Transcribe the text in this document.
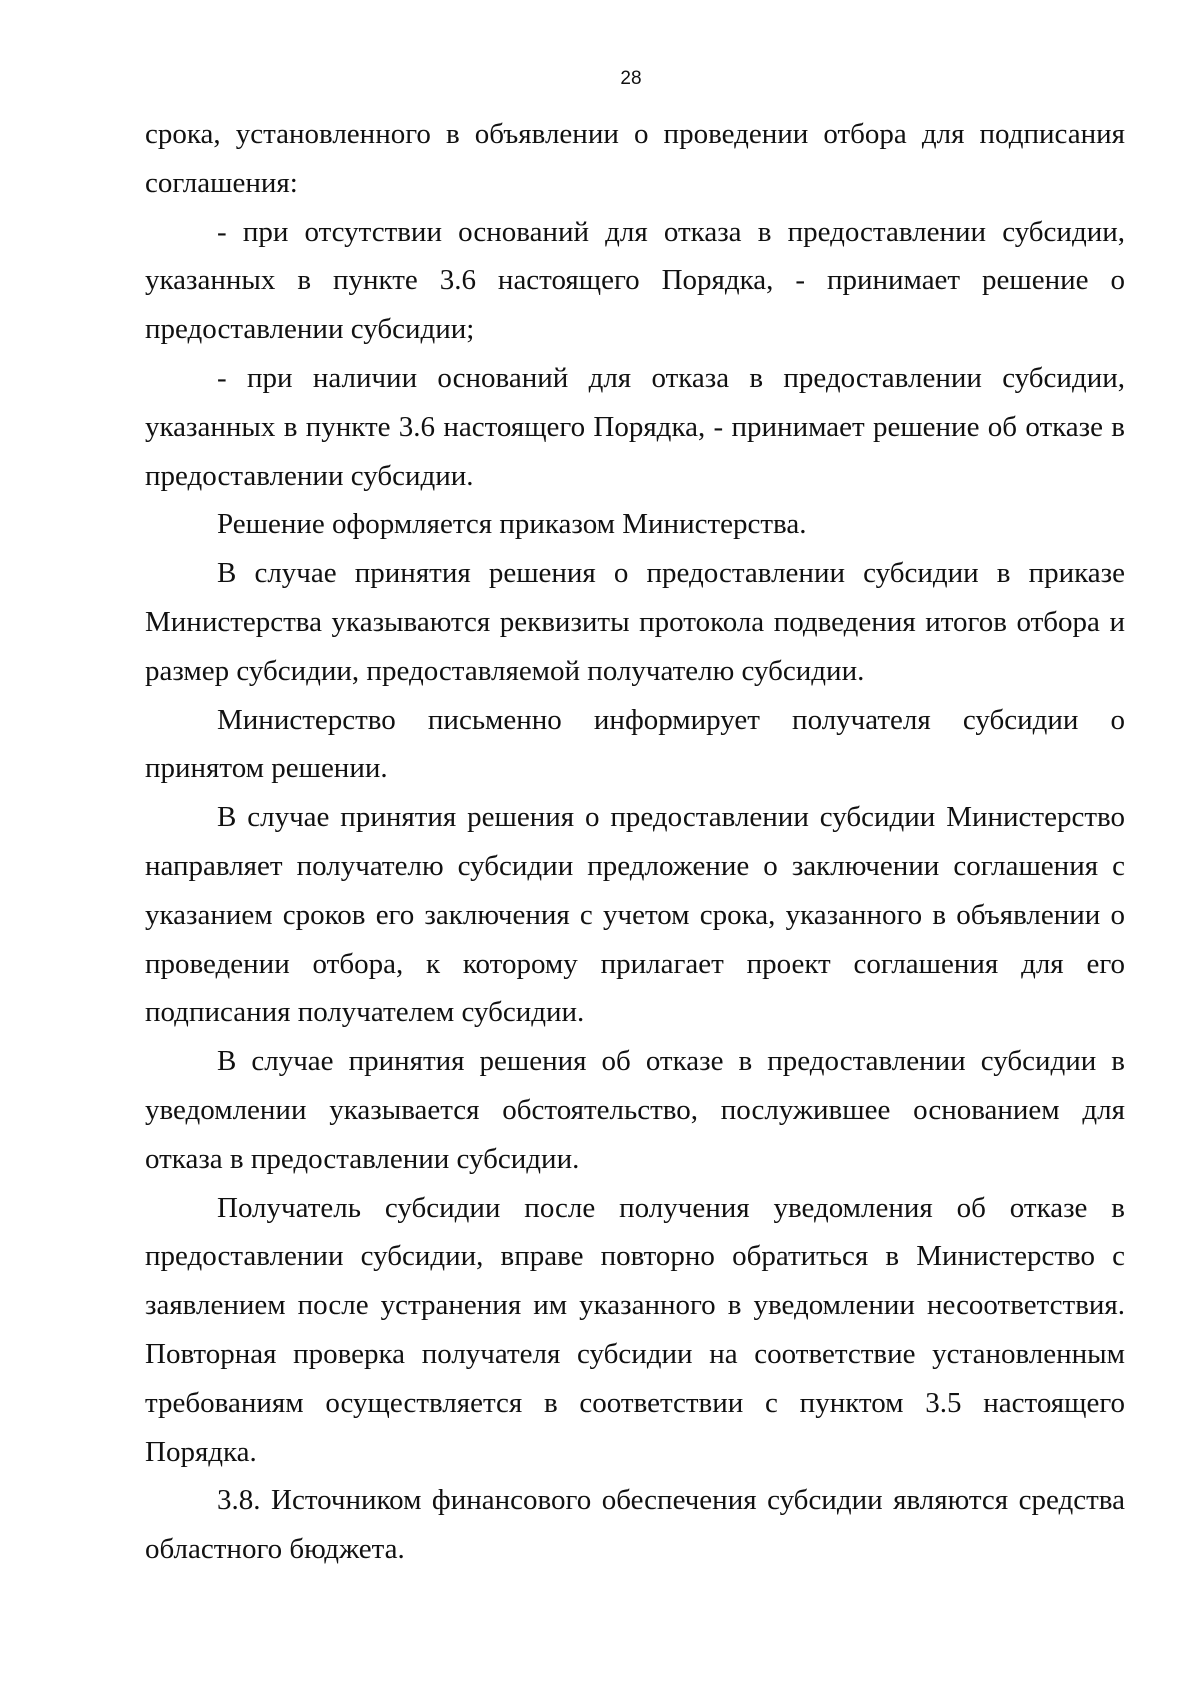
28

срока, установленного в объявлении о проведении отбора для подписания соглашения:

- при отсутствии оснований для отказа в предоставлении субсидии, указанных в пункте 3.6 настоящего Порядка, - принимает решение о предоставлении субсидии;

- при наличии оснований для отказа в предоставлении субсидии, указанных в пункте 3.6 настоящего Порядка, - принимает решение об отказе в предоставлении субсидии.

Решение оформляется приказом Министерства.

В случае принятия решения о предоставлении субсидии в приказе Министерства указываются реквизиты протокола подведения итогов отбора и размер субсидии, предоставляемой получателю субсидии.

Министерство письменно информирует получателя субсидии о принятом решении.

В случае принятия решения о предоставлении субсидии Министерство направляет получателю субсидии предложение о заключении соглашения с указанием сроков его заключения с учетом срока, указанного в объявлении о проведении отбора, к которому прилагает проект соглашения для его подписания получателем субсидии.

В случае принятия решения об отказе в предоставлении субсидии в уведомлении указывается обстоятельство, послужившее основанием для отказа в предоставлении субсидии.

Получатель субсидии после получения уведомления об отказе в предоставлении субсидии, вправе повторно обратиться в Министерство с заявлением после устранения им указанного в уведомлении несоответствия. Повторная проверка получателя субсидии на соответствие установленным требованиям осуществляется в соответствии с пунктом 3.5 настоящего Порядка.

3.8. Источником финансового обеспечения субсидии являются средства областного бюджета.
